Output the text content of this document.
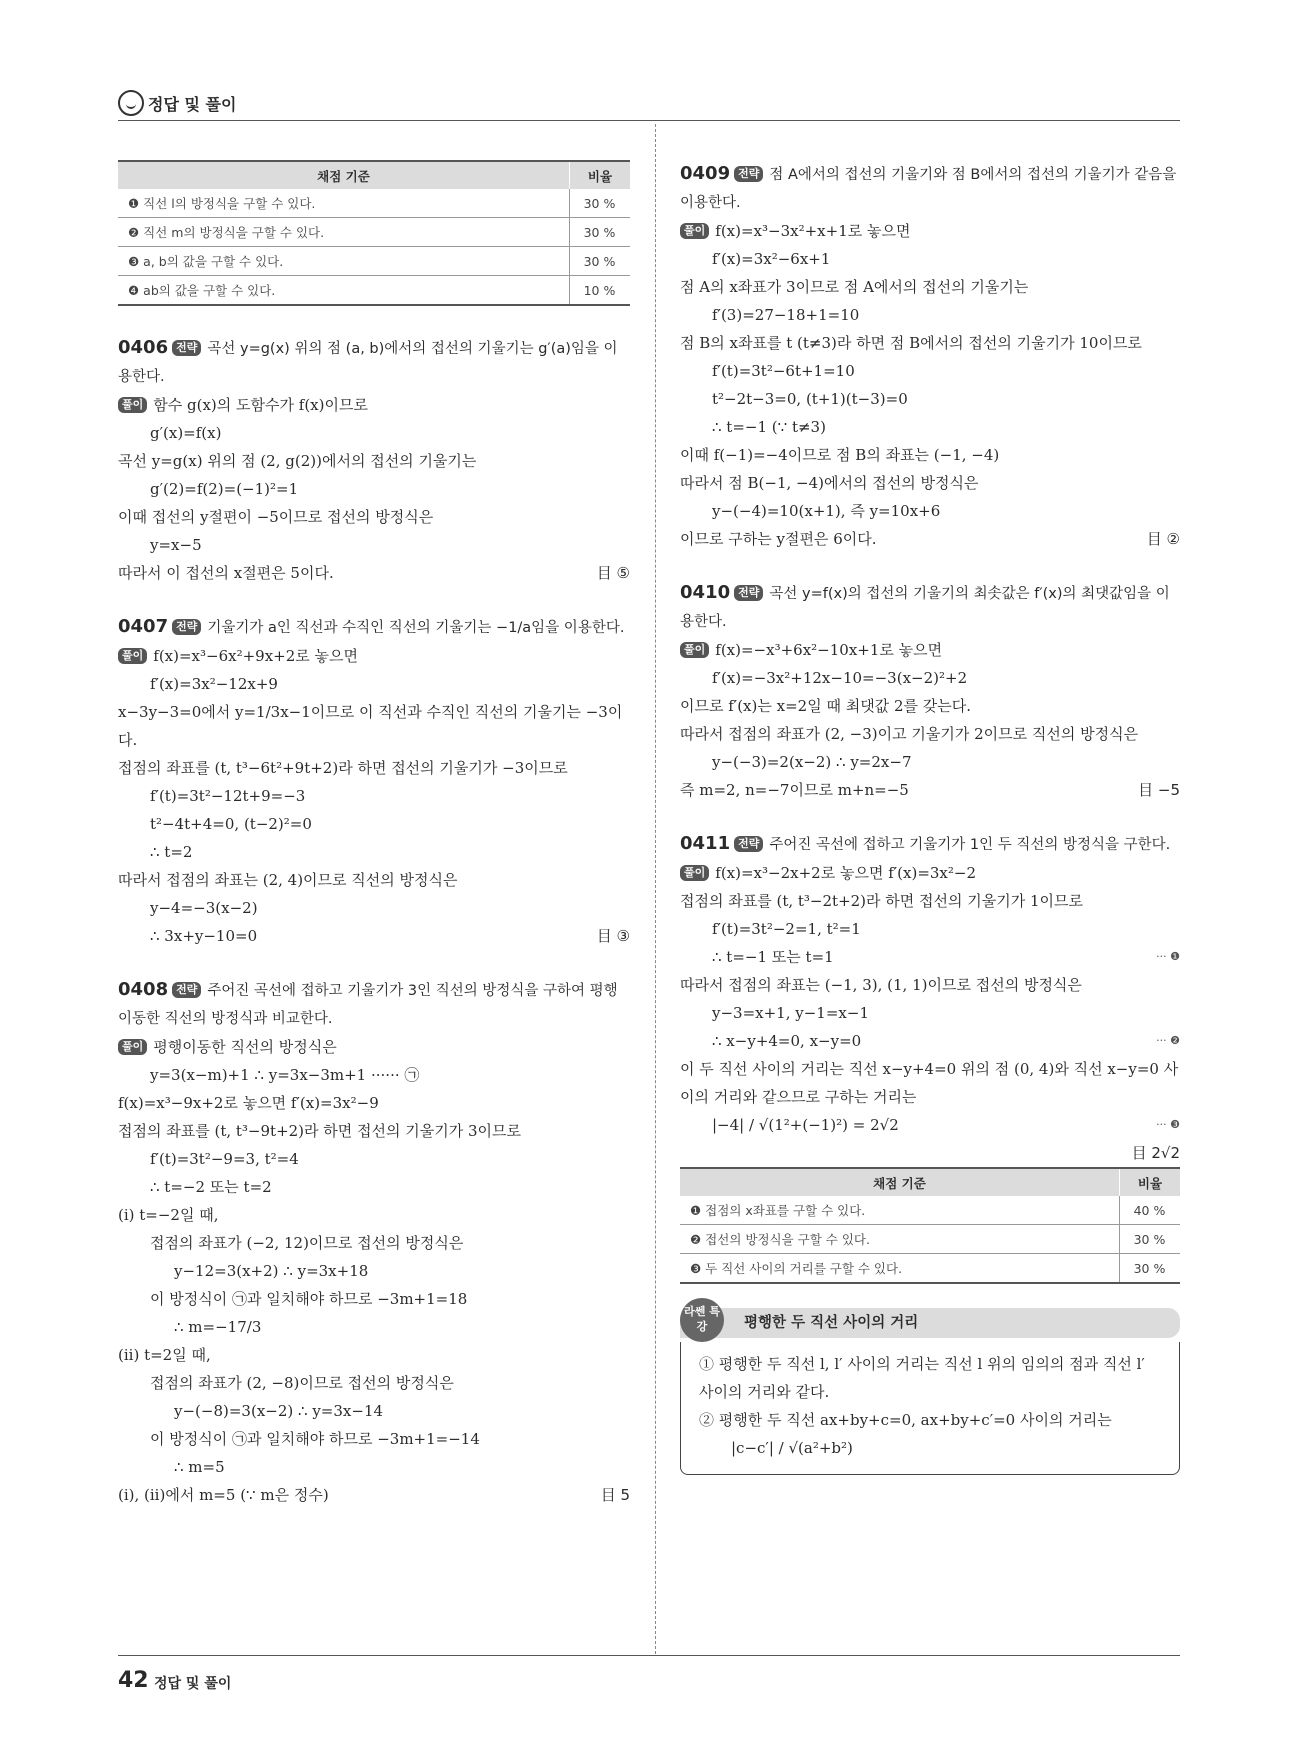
정답 및 풀이
채점 기준	비율
❶ 직선 l의 방정식을 구할 수 있다.	30 %
❷ 직선 m의 방정식을 구할 수 있다.	30 %
❸ a, b의 값을 구할 수 있다.	30 %
❹ ab의 값을 구할 수 있다.	10 %
0406 전략 곡선 y=g(x) 위의 점 (a, b)에서의 접선의 기울기는 g′(a)임을 이용한다.
풀이 함수 g(x)의 도함수가 f(x)이므로
g′(x)=f(x)
곡선 y=g(x) 위의 점 (2, g(2))에서의 접선의 기울기는
g′(2)=f(2)=(−1)²=1
이때 접선의 y절편이 −5이므로 접선의 방정식은
y=x−5
따라서 이 접선의 x절편은 5이다.	目 ⑤
0407 전략 기울기가 a인 직선과 수직인 직선의 기울기는 −1/a임을 이용한다.
풀이 f(x)=x³−6x²+9x+2로 놓으면
f′(x)=3x²−12x+9
x−3y−3=0에서 y=1/3x−1이므로 이 직선과 수직인 직선의 기울기는 −3이다.
접점의 좌표를 (t, t³−6t²+9t+2)라 하면 접선의 기울기가 −3이므로
f′(t)=3t²−12t+9=−3
t²−4t+4=0, (t−2)²=0
∴ t=2
따라서 접점의 좌표는 (2, 4)이므로 직선의 방정식은
y−4=−3(x−2)
∴ 3x+y−10=0	目 ③
0408 전략 주어진 곡선에 접하고 기울기가 3인 직선의 방정식을 구하여 평행이동한 직선의 방정식과 비교한다.
풀이 평행이동한 직선의 방정식은
y=3(x−m)+1 ∴ y=3x−3m+1 ······ ㉠
f(x)=x³−9x+2로 놓으면 f′(x)=3x²−9
접점의 좌표를 (t, t³−9t+2)라 하면 접선의 기울기가 3이므로
f′(t)=3t²−9=3, t²=4
∴ t=−2 또는 t=2
(i) t=−2일 때,
접점의 좌표가 (−2, 12)이므로 접선의 방정식은
y−12=3(x+2) ∴ y=3x+18
이 방정식이 ㉠과 일치해야 하므로 −3m+1=18
∴ m=−17/3
(ii) t=2일 때,
접점의 좌표가 (2, −8)이므로 접선의 방정식은
y−(−8)=3(x−2) ∴ y=3x−14
이 방정식이 ㉠과 일치해야 하므로 −3m+1=−14
∴ m=5
(i), (ii)에서 m=5 (∵ m은 정수)	目 5
0409 전략 점 A에서의 접선의 기울기와 점 B에서의 접선의 기울기가 같음을 이용한다.
풀이 f(x)=x³−3x²+x+1로 놓으면
f′(x)=3x²−6x+1
점 A의 x좌표가 3이므로 점 A에서의 접선의 기울기는
f′(3)=27−18+1=10
점 B의 x좌표를 t (t≠3)라 하면 점 B에서의 접선의 기울기가 10이므로
f′(t)=3t²−6t+1=10
t²−2t−3=0, (t+1)(t−3)=0
∴ t=−1 (∵ t≠3)
이때 f(−1)=−4이므로 점 B의 좌표는 (−1, −4)
따라서 점 B(−1, −4)에서의 접선의 방정식은
y−(−4)=10(x+1), 즉 y=10x+6
이므로 구하는 y절편은 6이다.	目 ②
0410 전략 곡선 y=f(x)의 접선의 기울기의 최솟값은 f′(x)의 최댓값임을 이용한다.
풀이 f(x)=−x³+6x²−10x+1로 놓으면
f′(x)=−3x²+12x−10=−3(x−2)²+2
이므로 f′(x)는 x=2일 때 최댓값 2를 갖는다.
따라서 접점의 좌표가 (2, −3)이고 기울기가 2이므로 직선의 방정식은
y−(−3)=2(x−2) ∴ y=2x−7
즉 m=2, n=−7이므로 m+n=−5	目 −5
0411 전략 주어진 곡선에 접하고 기울기가 1인 두 직선의 방정식을 구한다.
풀이 f(x)=x³−2x+2로 놓으면 f′(x)=3x²−2
접점의 좌표를 (t, t³−2t+2)라 하면 접선의 기울기가 1이므로
f′(t)=3t²−2=1, t²=1
∴ t=−1 또는 t=1	··· ❶
따라서 접점의 좌표는 (−1, 3), (1, 1)이므로 접선의 방정식은
y−3=x+1, y−1=x−1
∴ x−y+4=0, x−y=0	··· ❷
이 두 직선 사이의 거리는 직선 x−y+4=0 위의 점 (0, 4)와 직선 x−y=0 사이의 거리와 같으므로 구하는 거리는
|−4| / √(1²+(−1)²) = 2√2	··· ❸
目 2√2
채점 기준	비율
❶ 접점의 x좌표를 구할 수 있다.	40 %
❷ 접선의 방정식을 구할 수 있다.	30 %
❸ 두 직선 사이의 거리를 구할 수 있다.	30 %
라쎈 특강	평행한 두 직선 사이의 거리
① 평행한 두 직선 l, l′ 사이의 거리는 직선 l 위의 임의의 점과 직선 l′ 사이의 거리와 같다.
② 평행한 두 직선 ax+by+c=0, ax+by+c′=0 사이의 거리는
|c−c′| / √(a²+b²)
42 정답 및 풀이
